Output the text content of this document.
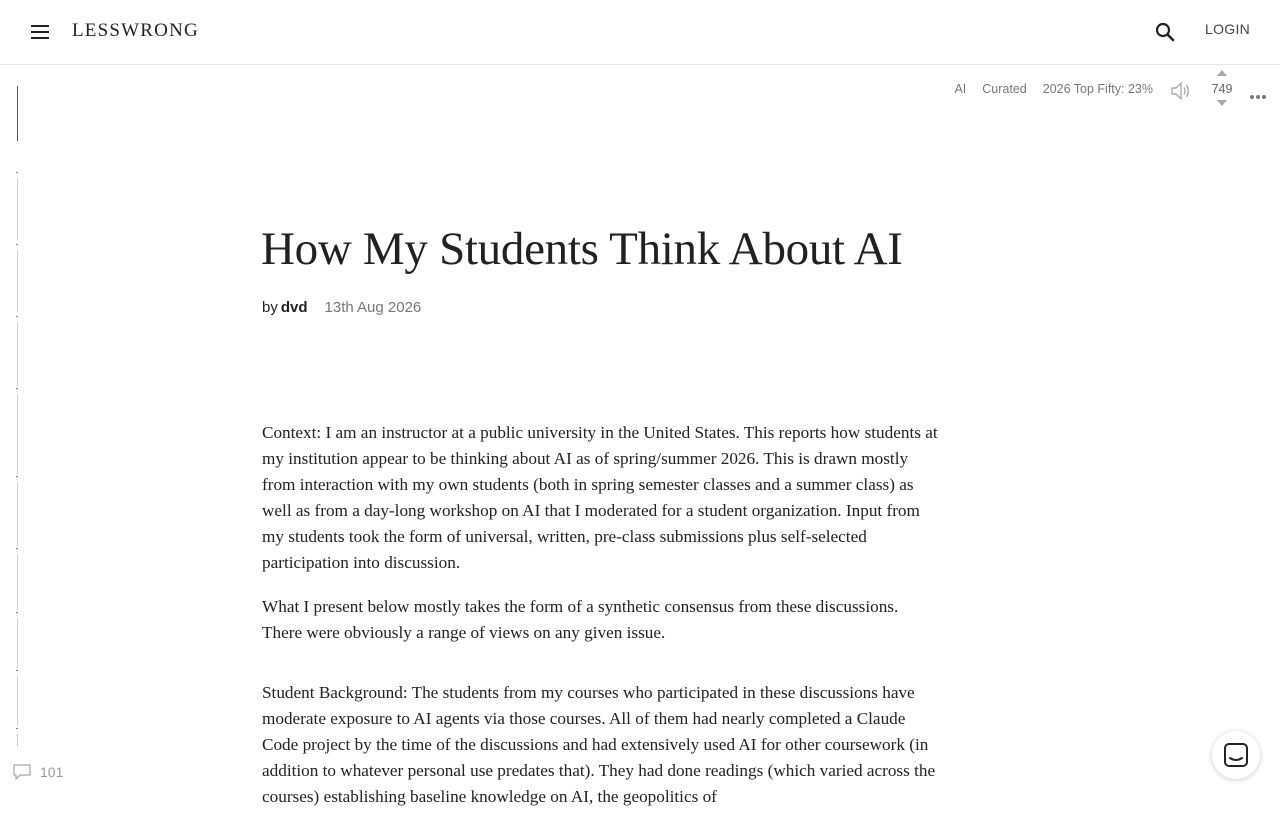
LESSWRONG	LOGIN
AI Curated 2026 Top Fifty: 23%	749
101
How My Students Think About AI
by dvd 13th Aug 2026

Context: I am an instructor at a public university in the United States. This reports how students at my institution appear to be thinking about AI as of spring/summer 2026. This is drawn mostly from interaction with my own students (both in spring semester classes and a summer class) as well as from a day-long workshop on AI that I moderated for a student organization. Input from my students took the form of universal, written, pre-class submissions plus self-selected participation into discussion.

What I present below mostly takes the form of a synthetic consensus from these discussions. There were obviously a range of views on any given issue.

Student Background: The students from my courses who participated in these discussions have moderate exposure to AI agents via those courses. All of them had nearly completed a Claude Code project by the time of the discussions and had extensively used AI for other coursework (in addition to whatever personal use predates that). They had done readings (which varied across the courses) establishing baseline knowledge on AI, the geopolitics of
